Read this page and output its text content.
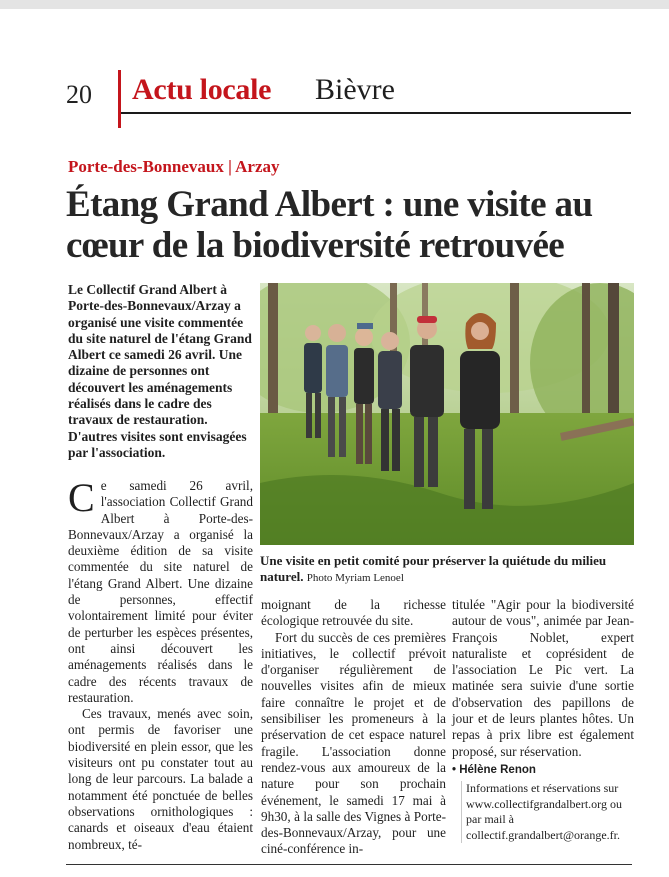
20 Actu locale Bièvre
Porte-des-Bonnevaux | Arzay
Étang Grand Albert : une visite au cœur de la biodiversité retrouvée
Le Collectif Grand Albert à Porte-des-Bonnevaux/Arzay a organisé une visite commentée du site naturel de l'étang Grand Albert ce samedi 26 avril. Une dizaine de personnes ont découvert les aménagements réalisés dans le cadre des travaux de restauration. D'autres visites sont envisagées par l'association.
Une visite en petit comité pour préserver la quiétude du milieu naturel. Photo Myriam Lenoel

Ce samedi 26 avril, l'association Collectif Grand Albert à Porte-des-Bonnevaux/Arzay a organisé la deuxième édition de sa visite commentée du site naturel de l'étang Grand Albert. Une dizaine de personnes, effectif volontairement limité pour éviter de perturber les espèces présentes, ont ainsi découvert les aménagements réalisés dans le cadre des récents travaux de restauration.

Ces travaux, menés avec soin, ont permis de favoriser une biodiversité en plein essor, que les visiteurs ont pu constater tout au long de leur parcours. La balade a notamment été ponctuée de belles observations ornithologiques : canards et oiseaux d'eau étaient nombreux, té-

moignant de la richesse écologique retrouvée du site.

Fort du succès de ces premières initiatives, le collectif prévoit d'organiser régulièrement de nouvelles visites afin de mieux faire connaître le projet et de sensibiliser les promeneurs à la préservation de cet espace naturel fragile. L'association donne rendez-vous aux amoureux de la nature pour son prochain événement, le samedi 17 mai à 9h30, à la salle des Vignes à Porte-des-Bonnevaux/Arzay, pour une ciné-conférence in-

titulée "Agir pour la biodiversité autour de vous", animée par Jean-François Noblet, expert naturaliste et coprésident de l'association Le Pic vert. La matinée sera suivie d'une sortie d'observation des papillons de jour et de leurs plantes hôtes. Un repas à prix libre est également proposé, sur réservation.

• Hélène Renon
Informations et réservations sur www.collectifgrandalbert.org ou par mail à collectif.grandalbert@orange.fr.
